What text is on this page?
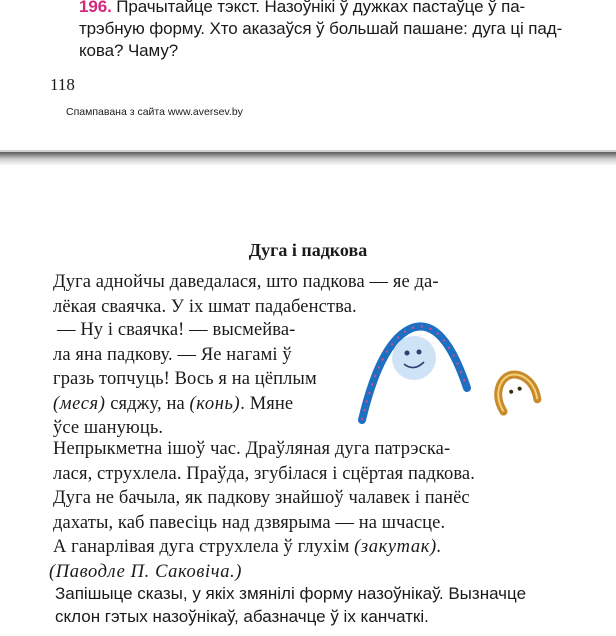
196. Прачытайце тэкст. Назоўнікі ў дужках пастаўце ў па-
трэбную форму. Хто аказаўся ў большай пашане: дуга ці пад-
кова? Чаму?
118
Спампавана з сайта www.aversev.by
Дуга і падкова
Дуга аднойчы даведалася, што падкова — яе да-
лёкая сваячка. У іх шмат падабенства.
— Ну і сваячка! — высмейва-
ла яна падкову. — Яе нагамі ў
гразь топчуць! Вось я на цёплым
(меся) сяджу, на (конь). Мяне
ўсе шануюць.
Непрыкметна ішоў час. Драўляная дуга патрэска-
лася, струхлела. Праўда, згубілася і сцёртая падкова.
Дуга не бачыла, як падкову знайшоў чалавек і панёс
дахаты, каб павесіць над дзвярыма — на шчасце.
А ганарлівая дуга струхлела ў глухім (закутак).
(Паводле П. Саковіча.)
Запішыце сказы, у якіх змянілі форму назоўнікаў. Вызначце
склон гэтых назоўнікаў, абазначце ў іх канчаткі.
